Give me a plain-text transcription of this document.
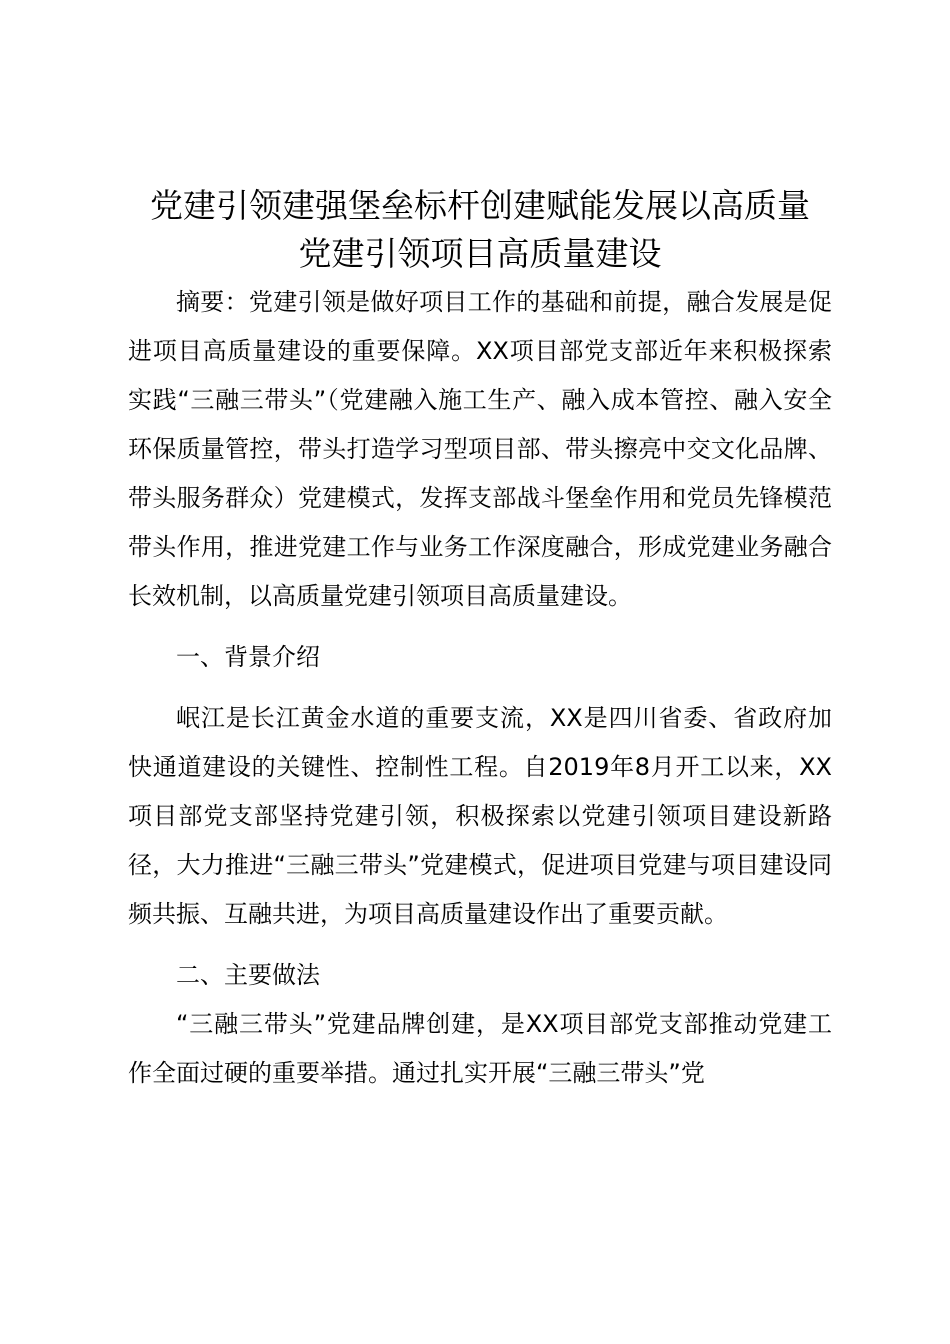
党建引领建强堡垒标杆创建赋能发展以高质量
党建引领项目高质量建设

摘要：党建引领是做好项目工作的基础和前提，融合发展是促进项目高质量建设的重要保障。XX项目部党支部近年来积极探索实践“三融三带头”（党建融入施工生产、融入成本管控、融入安全环保质量管控，带头打造学习型项目部、带头擦亮中交文化品牌、带头服务群众）党建模式，发挥支部战斗堡垒作用和党员先锋模范带头作用，推进党建工作与业务工作深度融合，形成党建业务融合长效机制，以高质量党建引领项目高质量建设。

一、背景介绍

岷江是长江黄金水道的重要支流，XX是四川省委、省政府加快通道建设的关键性、控制性工程。自2019年8月开工以来，XX项目部党支部坚持党建引领，积极探索以党建引领项目建设新路径，大力推进“三融三带头”党建模式，促进项目党建与项目建设同频共振、互融共进，为项目高质量建设作出了重要贡献。

二、主要做法

“三融三带头”党建品牌创建，是XX项目部党支部推动党建工作全面过硬的重要举措。通过扎实开展“三融三带头”党
